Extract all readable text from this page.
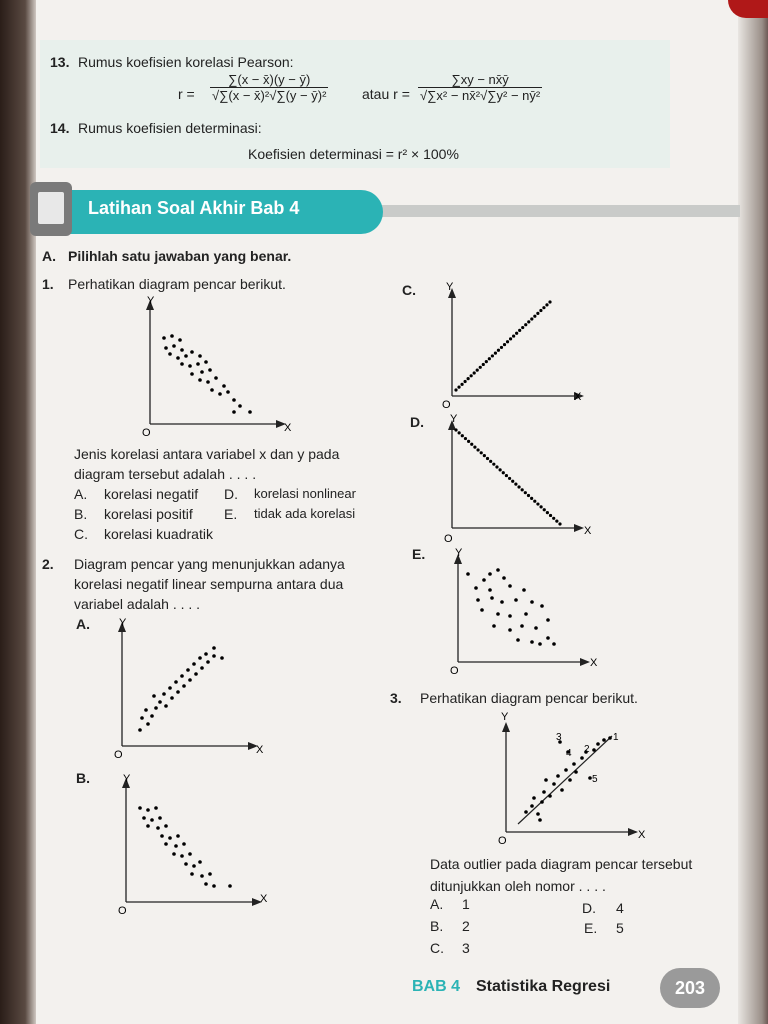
13. Rumus koefisien korelasi Pearson:
$r = \frac{\sum(x - x̄)(y - ȳ)}{\text{√∑(x − x̄)²√∑(y − ȳ)²}}$ atau $r = \frac{\sum xy - nx̄ȳ}{\text{√∑x² − nx̄²√∑y² − nȳ²}}$
14. Rumus koefisien determinasi:
Koefisien determinasi = r² × 100%
Latihan Soal Akhir Bab 4
A. Pilihlah satu jawaban yang benar.
1. Perhatikan diagram pencar berikut.
Y
X
O
Jenis korelasi antara variabel x dan y pada
diagram tersebut adalah . . . .
A. korelasi negatif D. korelasi nonlinear
B. korelasi positif E. tidak ada korelasi
C. korelasi kuadratik
2. Diagram pencar yang menunjukkan adanya
korelasi negatif linear sempurna antara dua
variabel adalah . . . .
A.	Y
X
O
B.	Y
X
O
C.	Y
X
O
D. Y
X
O
E.	Y
X
O
3. Perhatikan diagram pencar berikut.
Y
X
O
1
2
3
4
5
Data outlier pada diagram pencar tersebut
ditunjukkan oleh nomor . . . .
A. 1	D. 4
B. 2	E. 5
C. 3
BAB 4 Statistika Regresi	203
